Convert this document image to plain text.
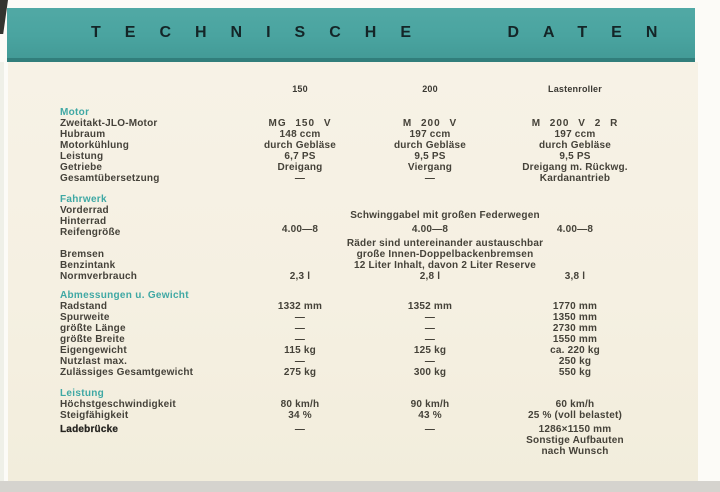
TECHNISCHE DATEN
150	200	Lastenroller
Motor
Zweitakt-JLO-Motor	MG 150 V	M 200 V	M 200 V 2 R
Hubraum	148 ccm	197 ccm	197 ccm
Motorkühlung	durch Gebläse	durch Gebläse	durch Gebläse
Leistung	6,7 PS	9,5 PS	9,5 PS
Getriebe	Dreigang	Viergang	Dreigang m. Rückwg.
Gesamtübersetzung	—	—	Kardanantrieb
Fahrwerk
Vorderrad	Schwinggabel mit großen Federwegen
Hinterrad
Reifengröße	4.00—8	4.00—8	4.00—8
Räder sind untereinander austauschbar
Bremsen	große Innen-Doppelbackenbremsen
Benzintank	12 Liter Inhalt, davon 2 Liter Reserve
Normverbrauch	2,3 l	2,8 l	3,8 l
Abmessungen u. Gewicht
Radstand	1332 mm	1352 mm	1770 mm
Spurweite	—	—	1350 mm
größte Länge	—	—	2730 mm
größte Breite	—	—	1550 mm
Eigengewicht	115 kg	125 kg	ca. 220 kg
Nutzlast max.	—	—	250 kg
Zulässiges Gesamtgewicht	275 kg	300 kg	550 kg
Leistung
Höchstgeschwindigkeit	80 km/h	90 km/h	60 km/h
Steigfähigkeit	34 %	43 %	25 % (voll belastet)
Ladebrücke	—	—	1286×1150 mm
Sonstige Aufbauten
nach Wunsch
